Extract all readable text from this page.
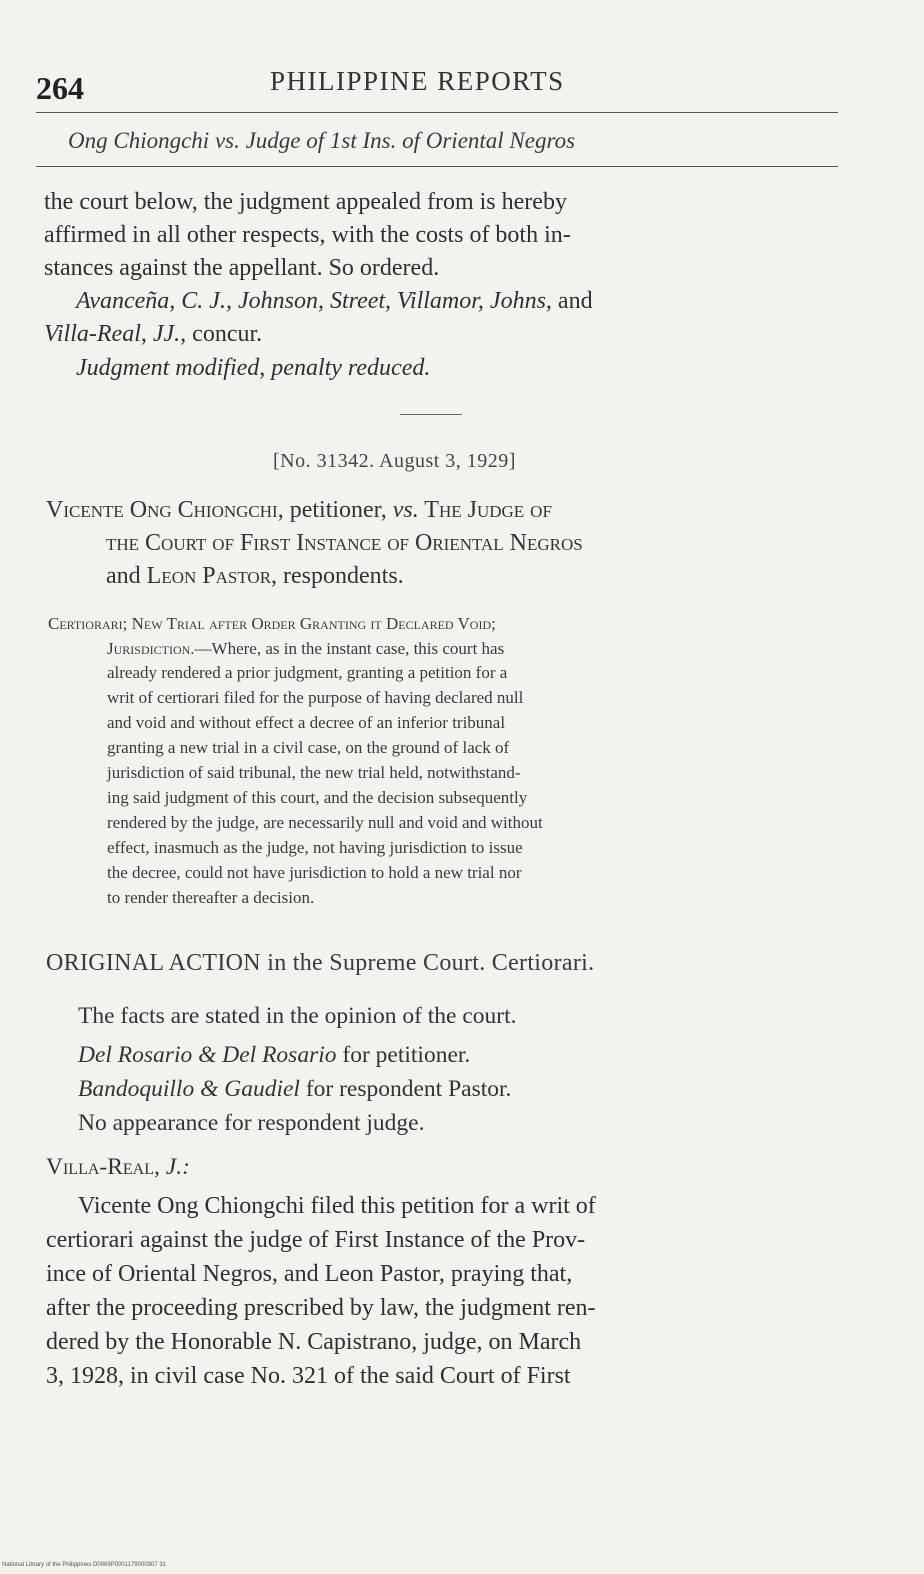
264	PHILIPPINE REPORTS
Ong Chiongchi vs. Judge of 1st Ins. of Oriental Negros
the court below, the judgment appealed from is hereby
affirmed in all other respects, with the costs of both in-
stances against the appellant. So ordered.
Avanceña, C. J., Johnson, Street, Villamor, Johns, and
Villa-Real, JJ., concur.
Judgment modified, penalty reduced.
[No. 31342. August 3, 1929]
Vicente Ong Chiongchi, petitioner, vs. The Judge of
the Court of First Instance of Oriental Negros
and Leon Pastor, respondents.
Certiorari; New Trial after Order Granting it Declared Void;
Jurisdiction.—Where, as in the instant case, this court has
already rendered a prior judgment, granting a petition for a
writ of certiorari filed for the purpose of having declared null
and void and without effect a decree of an inferior tribunal
granting a new trial in a civil case, on the ground of lack of
jurisdiction of said tribunal, the new trial held, notwithstand-
ing said judgment of this court, and the decision subsequently
rendered by the judge, are necessarily null and void and without
effect, inasmuch as the judge, not having jurisdiction to issue
the decree, could not have jurisdiction to hold a new trial nor
to render thereafter a decision.
ORIGINAL ACTION in the Supreme Court. Certiorari.
The facts are stated in the opinion of the court.
Del Rosario & Del Rosario for petitioner.
Bandoquillo & Gaudiel for respondent Pastor.
No appearance for respondent judge.
Villa-Real, J.:
Vicente Ong Chiongchi filed this petition for a writ of
certiorari against the judge of First Instance of the Prov-
ince of Oriental Negros, and Leon Pastor, praying that,
after the proceeding prescribed by law, the judgment ren-
dered by the Honorable N. Capistrano, judge, on March
3, 1928, in civil case No. 321 of the said Court of First
National Library of the Philippines D0069P0001179000307 31
